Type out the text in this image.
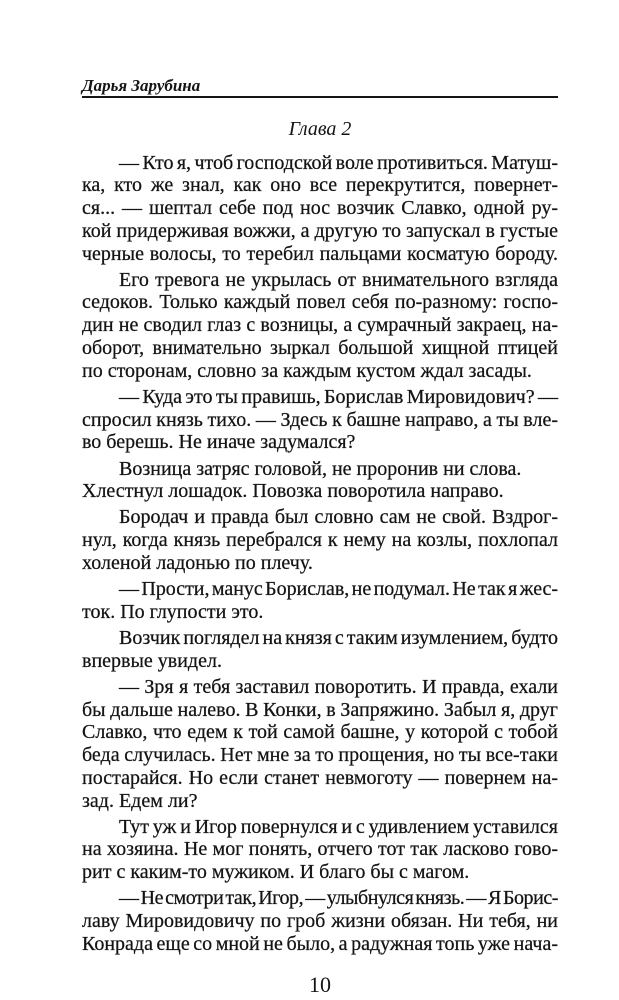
Дарья Зарубина
Глава 2

— Кто я, чтоб господской воле противиться. Матуш-
ка, кто же знал, как оно все перекрутится, повернет-
ся... — шептал себе под нос возчик Славко, одной ру-
кой придерживая вожжи, а другую то запускал в густые
черные волосы, то теребил пальцами косматую бороду.

Его тревога не укрылась от внимательного взгляда
седоков. Только каждый повел себя по-разному: госпо-
дин не сводил глаз с возницы, а сумрачный закраец, на-
оборот, внимательно зыркал большой хищной птицей
по сторонам, словно за каждым кустом ждал засады.

— Куда это ты правишь, Борислав Мировидович? —
спросил князь тихо. — Здесь к башне направо, а ты вле-
во берешь. Не иначе задумался?

Возница затряс головой, не проронив ни слова.
Хлестнул лошадок. Повозка поворотила направо.

Бородач и правда был словно сам не свой. Вздрог-
нул, когда князь перебрался к нему на козлы, похлопал
холеной ладонью по плечу.

— Прости, манус Борислав, не подумал. Не так я жес-
ток. По глупости это.

Возчик поглядел на князя с таким изумлением, будто
впервые увидел.

— Зря я тебя заставил поворотить. И правда, ехали
бы дальше налево. В Конки, в Запряжино. Забыл я, друг
Славко, что едем к той самой башне, у которой с тобой
беда случилась. Нет мне за то прощения, но ты все-таки
постарайся. Но если станет невмоготу — повернем на-
зад. Едем ли?

Тут уж и Игор повернулся и с удивлением уставился
на хозяина. Не мог понять, отчего тот так ласково гово-
рит с каким-то мужиком. И благо бы с магом.

— Не смотри так, Игор, — улыбнулся князь. — Я Борис-
лаву Мировидовичу по гроб жизни обязан. Ни тебя, ни
Конрада еще со мной не было, а радужная топь уже нача-

10
